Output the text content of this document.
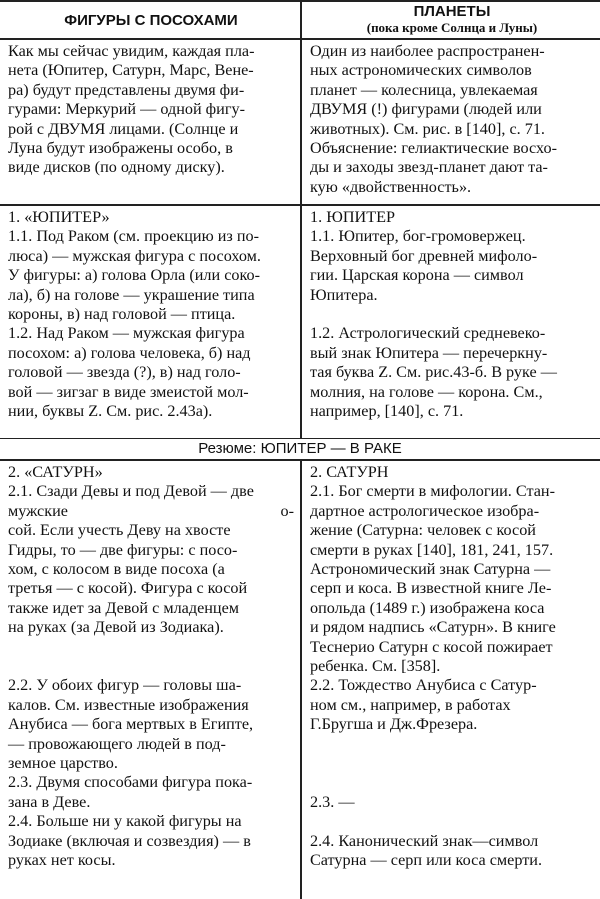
ФИГУРЫ С ПОСОХАМИ	ПЛАНЕТЫ
(пока кроме Солнца и Луны)
Как мы сейчас увидим, каждая пла-
нета (Юпитер, Сатурн, Марс, Вене-
ра) будут представлены двумя фи-
гурами: Меркурий — одной фигу-
рой с ДВУМЯ лицами. (Солнце и
Луна будут изображены особо, в
виде дисков (по одному диску).
Один из наиболее распространен-
ных астрономических символов
планет — колесница, увлекаемая
ДВУМЯ (!) фигурами (людей или
животных). См. рис. в [140], с. 71.
Объяснение: гелиактические восхо-
ды и заходы звезд-планет дают та-
кую «двойственность».
1. «ЮПИТЕР»
1.1. Под Раком (см. проекцию из по-
люса) — мужская фигура с посохом.
У фигуры: а) голова Орла (или соко-
ла), б) на голове — украшение типа
короны, в) над головой — птица.
1.2. Над Раком — мужская фигура
посохом: а) голова человека, б) над
головой — звезда (?), в) над голо-
вой — зигзаг в виде змеистой мол-
нии, буквы Z. См. рис. 2.43а).
1. ЮПИТЕР
1.1. Юпитер, бог-громовержец.
Верховный бог древней мифоло-
гии. Царская корона — символ
Юпитера.
1.2. Астрологический средневеко-
вый знак Юпитера — перечеркну-
тая буква Z. См. рис.43-б. В руке —
молния, на голове — корона. См.,
например, [140], с. 71.
Резюме: ЮПИТЕР — В РАКЕ
2. «САТУРН»
2.1. Сзади Девы и под Девой — две
мужские	о-
сой. Если учесть Деву на хвосте
Гидры, то — две фигуры: с посо-
хом, с колосом в виде посоха (а
третья — с косой). Фигура с косой
также идет за Девой с младенцем
на руках (за Девой из Зодиака).
2.2. У обоих фигур — головы ша-
калов. См. известные изображения
Анубиса — бога мертвых в Египте,
— провожающего людей в под-
земное царство.
2.3. Двумя способами фигура пока-
зана в Деве.
2.4. Больше ни у какой фигуры на
Зодиаке (включая и созвездия) — в
руках нет косы.
2. САТУРН
2.1. Бог смерти в мифологии. Стан-
дартное астрологическое изобра-
жение (Сатурна: человек с косой
смерти в руках [140], 181, 241, 157.
Астрономический знак Сатурна —
серп и коса. В известной книге Ле-
опольда (1489 г.) изображена коса
и рядом надпись «Сатурн». В книге
Теснерио Сатурн с косой пожирает
ребенка. См. [358].
2.2. Тождество Анубиса с Сатур-
ном см., например, в работах
Г.Бругша и Дж.Фрезера.
2.3. —
2.4. Канонический знак—символ
Сатурна — серп или коса смерти.
